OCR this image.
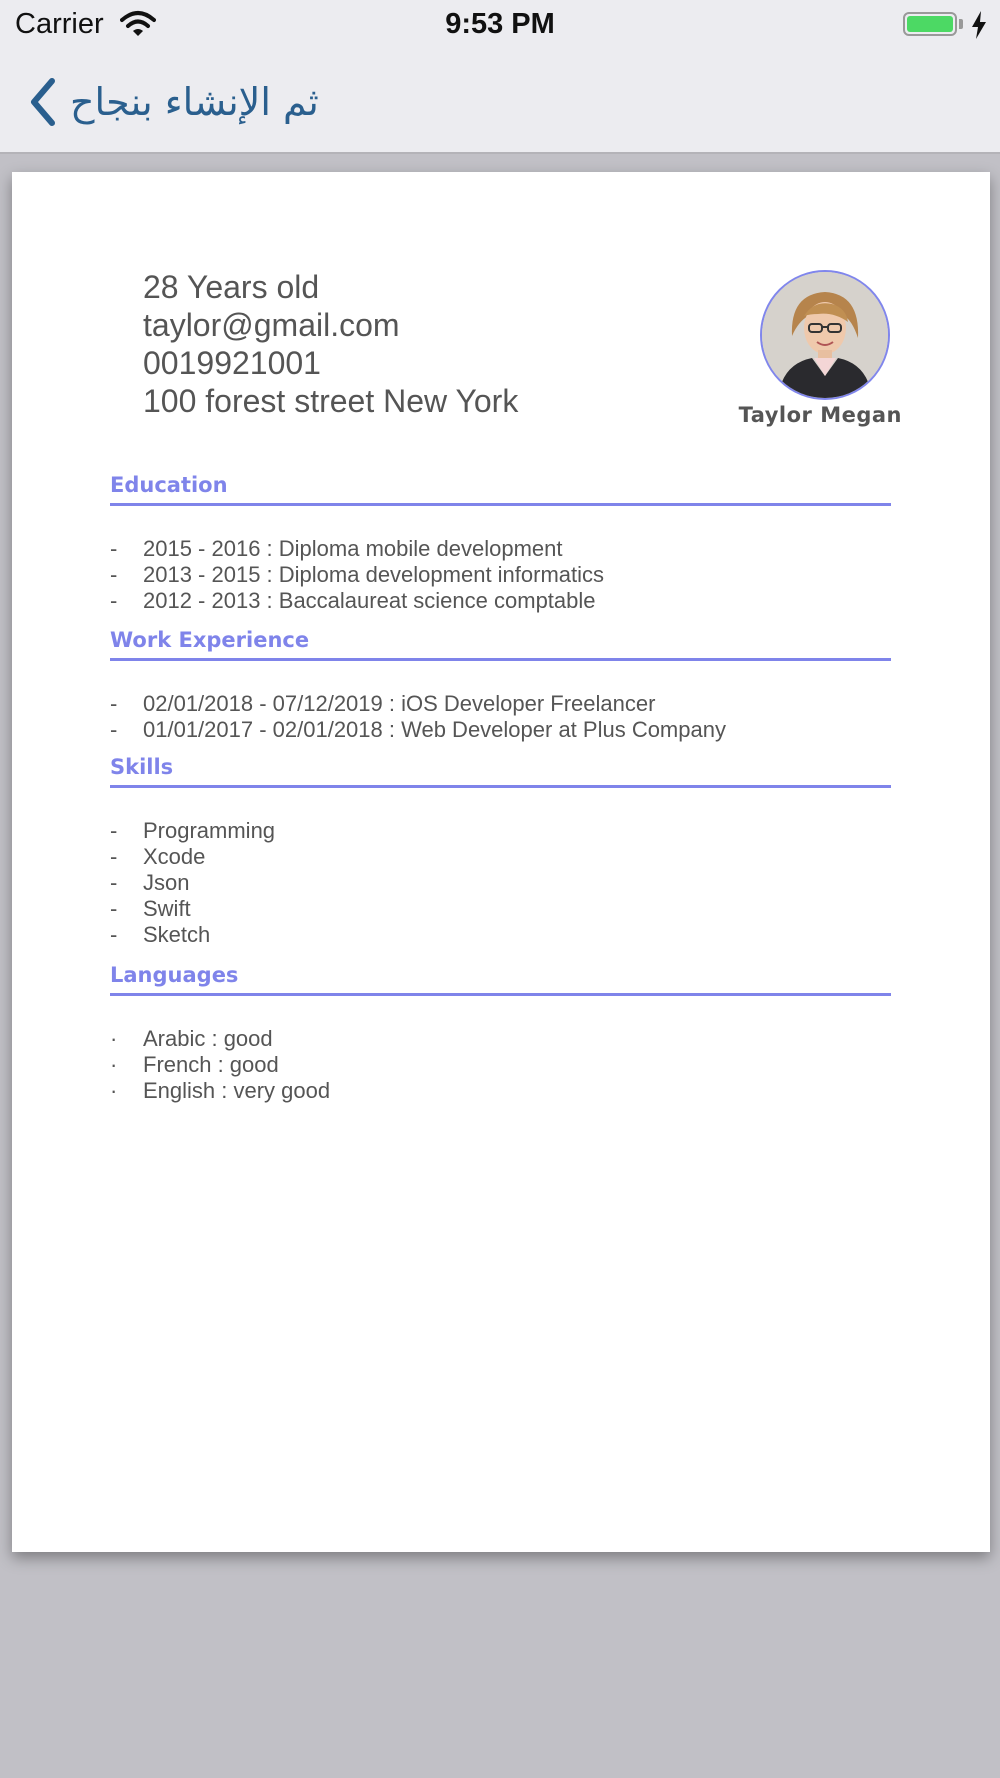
Carrier	9:53 PM
ثم الإنشاء بنجاح
28 Years old
taylor@gmail.com
0019921001
100 forest street New York	Taylor Megan
Education
-	2015 - 2016 : Diploma mobile development
-	2013 - 2015 : Diploma development informatics
-	2012 - 2013 : Baccalaureat science comptable
Work Experience
-	02/01/2018 - 07/12/2019 : iOS Developer Freelancer
-	01/01/2017 - 02/01/2018 : Web Developer at Plus Company
Skills
-	Programming
-	Xcode
-	Json
-	Swift
-	Sketch
Languages
·	Arabic : good
·	French : good
·	English : very good
